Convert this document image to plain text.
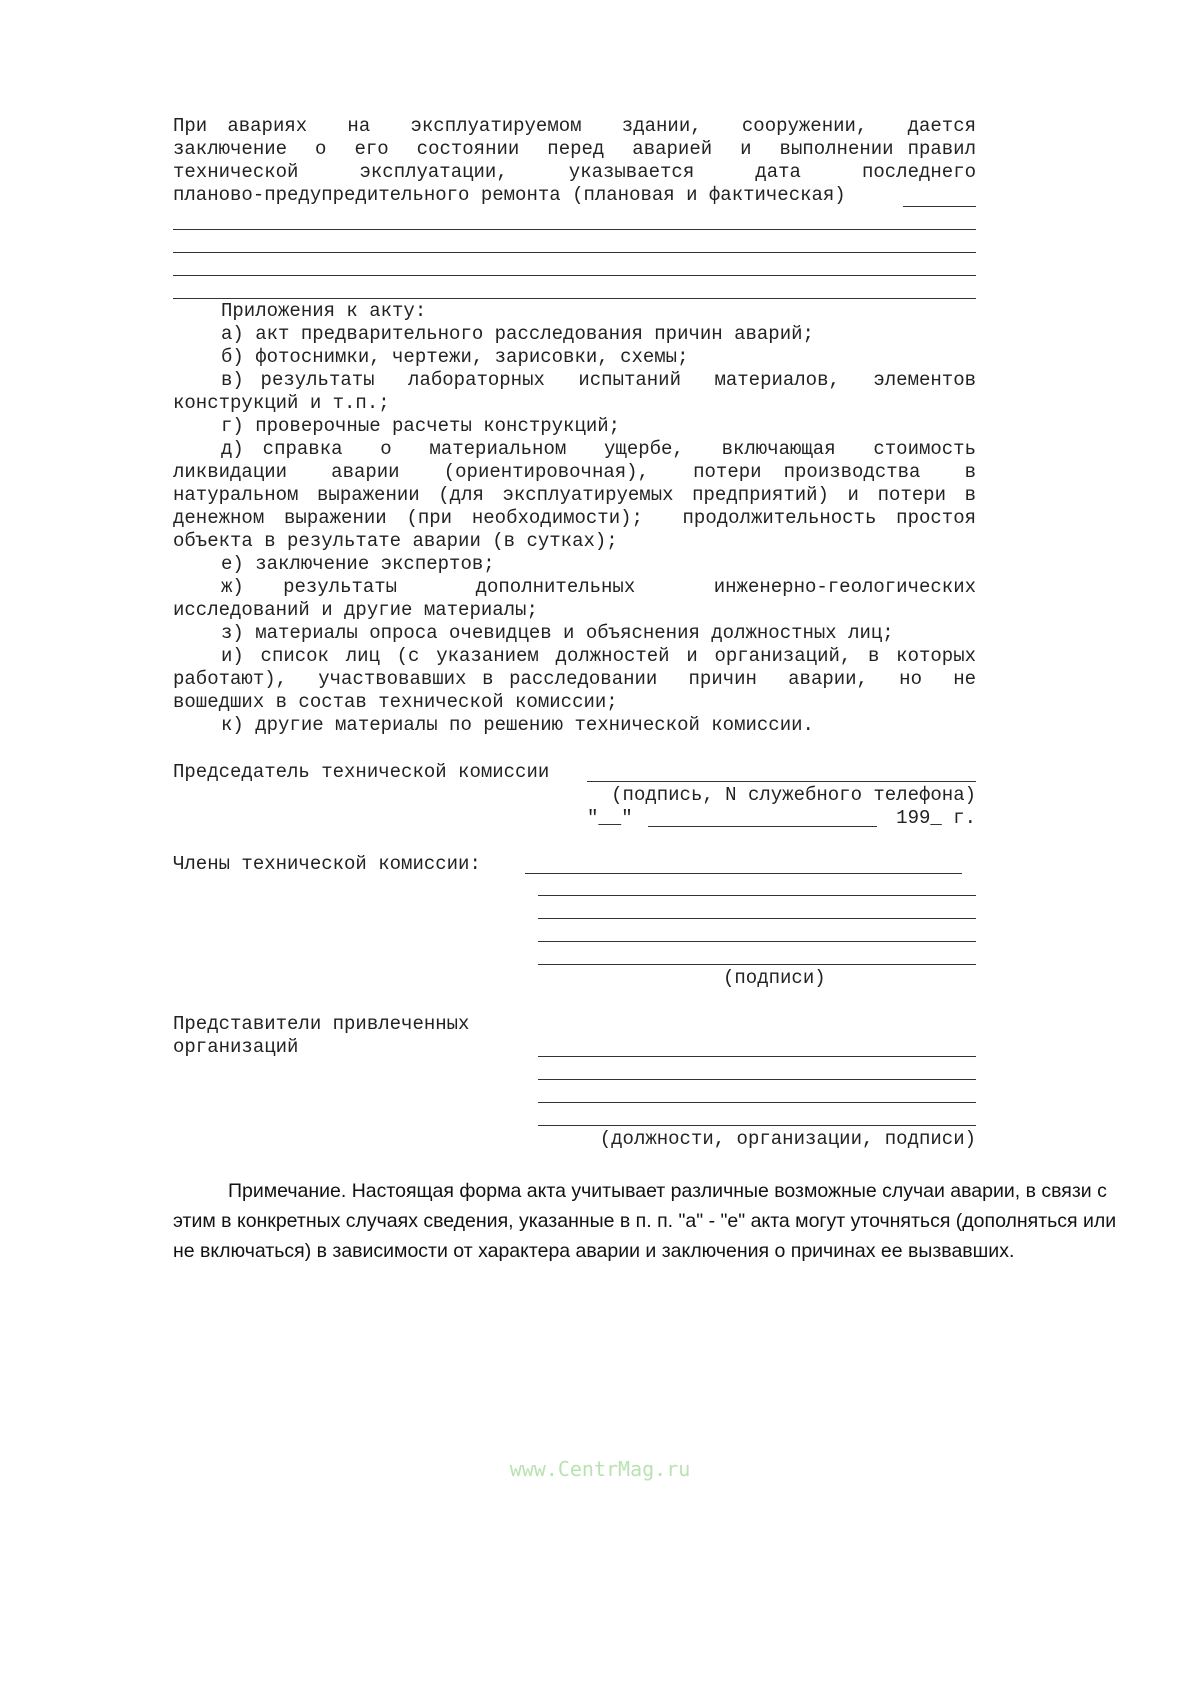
При авариях  на  эксплуатируемом  здании,  сооружении,  дается
заключение  о  его  состоянии  перед  аварией  и  выполнении правил
технической  эксплуатации,  указывается  дата  последнего
планово-предупредительного ремонта (плановая и фактическая)
Приложения к акту:
а) акт предварительного расследования причин аварий;
б) фотоснимки, чертежи, зарисовки, схемы;
в) результаты  лабораторных  испытаний  материалов,  элементов
конструкций и т.п.;
г) проверочные расчеты конструкций;
д) справка  о  материальном  ущербе,  включающая  стоимость
ликвидации  аварии  (ориентировочная),  потери производства  в
натуральном выражении (для эксплуатируемых предприятий) и потери в
денежном выражении (при необходимости);  продолжительность простоя
объекта в результате аварии (в сутках);
е) заключение экспертов;
ж) результаты  дополнительных  инженерно-геологических
исследований и другие материалы;
з) материалы опроса очевидцев и объяснения должностных лиц;
и) список лиц (с указанием должностей и организаций, в которых
работают),  участвовавших в расследовании  причин  аварии,  но  не
вошедших в состав технической комиссии;
к) другие материалы по решению технической комиссии.
Председатель технической комиссии
(подпись, N служебного телефона)
"__"	199_ г.
Члены технической комиссии:
(подписи)
Представители привлеченных
организаций
(должности, организации, подписи)
Примечание. Настоящая форма акта учитывает различные возможные случаи аварии, в связи с этим в конкретных случаях сведения, указанные в п. п. "а" - "е" акта могут уточняться (дополняться или не включаться) в зависимости от характера аварии и заключения о причинах ее вызвавших.
www.CentrMag.ru
